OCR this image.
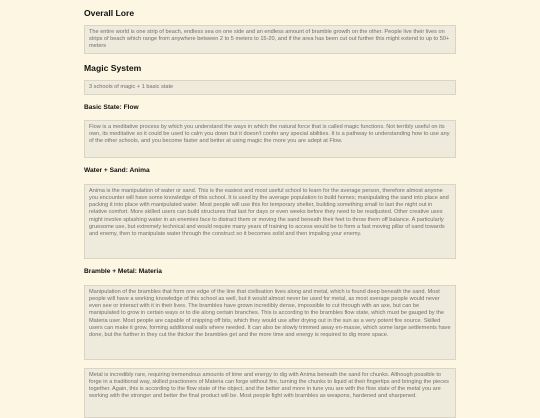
Overall Lore
The entire world is one strip of beach, endless sea on one side and an endless amount of bramble growth on the other. People live their lives on strips of beach which range from anywhere between 2 to 5 meters to 15-20, and if the area has been cut out further this might extend to up to 50+ meters
Magic System
3 schools of magic + 1 basic state
Basic State: Flow
Flow is a meditative process by which you understand the ways in which the natural force that is called magic functions. Not terribly useful on its own, its meditative so it could be used to calm you down but it doesn't confer any special abilities. It is a pathway to understanding how to use any of the other schools, and you become faster and better at using magic the more you are adept at Flow.
Water + Sand: Anima
Anima is the manipulation of water or sand. This is the easiest and most useful school to learn for the average person, therefore almost anyone you encounter will have some knowledge of this school. It is used by the average population to build homes; manipulating the sand into place and packing it into place with manipulated water. Most people will use this for temporary shelter, building something small to last the night out in relative comfort. More skilled users can build structures that last for days or even weeks before they need to be readjusted. Other creative uses might involve splashing water in an enemies face to distract them or moving the sand beneath their feet to throw them off balance. A particularly gruesome use, but extremely technical and would require many years of training to access would be to form a fast moving pillar of sand towards and enemy, then to manipulate water through the construct so it becomes solid and then impaling your enemy.
Bramble + Metal: Materia
Manipulation of the brambles that form one edge of the line that civilisation lives along and metal, which is found deep beneath the sand. Most people will have a working knowledge of this school as well, but it would almost never be used for metal, as most average people would never even see or interact with it in their lives. The brambles have grown incredibly dense, impossible to cut through with an axe, but can be manipulated to grow in certain ways or to die along certain branches. This is according to the brambles flow state, which must be gauged by the Materia user. Most people are capable of snipping off bits, which they would use after drying out in the sun as a very potent fire source. Skilled users can make it grow, forming additional walls where needed. It can also be slowly trimmed away en-masse, which some large settlements have done, but the further in they cut the thicker the brambles get and the more time and energy is required to dig more space.
Metal is incredibly rare, requiring tremendous amounts of time and energy to dig with Anima beneath the sand for chunks. Although possible to forge in a traditional way, skilled practioners of Materia can forge without fire, turning the chunks to liquid at their fingertips and bringing the pieces together. Again, this is according to the flow state of the object, and the better and more in tune you are with the flow state of the metal you are working with the stronger and better the final product will be. Most people fight with brambles as weapons, hardened and sharpened.
